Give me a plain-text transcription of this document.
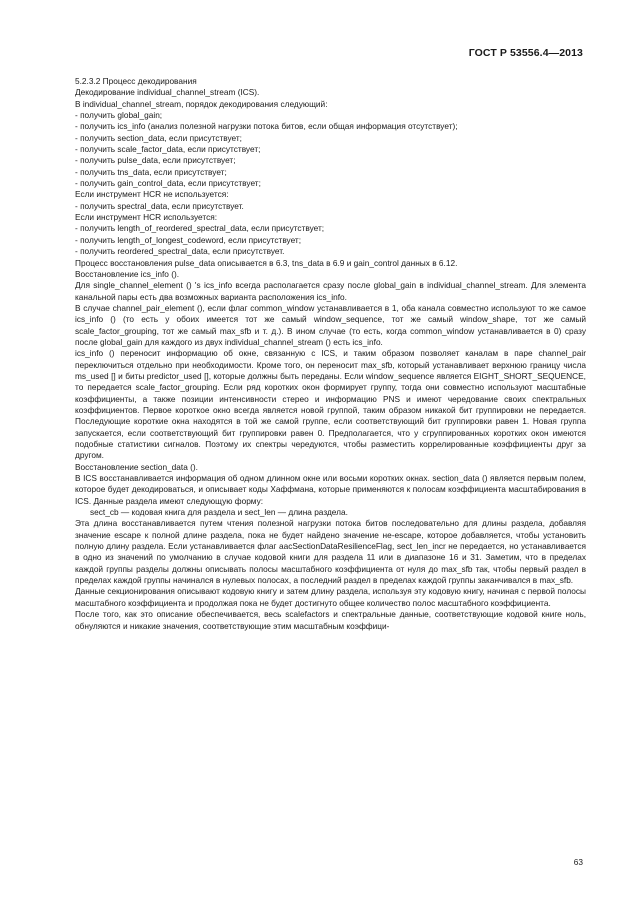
ГОСТ Р 53556.4—2013

5.2.3.2 Процесс декодирования

Декодирование individual_channel_stream (ICS).

В individual_channel_stream, порядок декодирования следующий:

- получить global_gain;

- получить ics_info (анализ полезной нагрузки потока битов, если общая информация отсутствует);

- получить section_data, если присутствует;

- получить scale_factor_data, если присутствует;

- получить pulse_data, если присутствует;

- получить tns_data, если присутствует;

- получить gain_control_data, если присутствует;

Если инструмент HCR не используется:

- получить spectral_data, если присутствует.

Если инструмент HCR используется:

- получить length_of_reordered_spectral_data, если присутствует;

- получить length_of_longest_codeword, если присутствует;

- получить reordered_spectral_data, если присутствует.

Процесс восстановления pulse_data описывается в 6.3, tns_data в 6.9 и gain_control данных в 6.12.

Восстановление ics_info ().

Для single_channel_element () 's ics_info всегда располагается сразу после global_gain в individual_channel_stream. Для элемента канальной пары есть два возможных варианта расположения ics_info.

В случае channel_pair_element (), если флаг common_window устанавливается в 1, оба канала совместно используют то же самое ics_info () (то есть у обоих имеется тот же самый window_sequence, тот же самый window_shape, тот же самый scale_factor_grouping, тот же самый max_sfb и т. д.). В ином случае (то есть, когда common_window устанавливается в 0) сразу после global_gain для каждого из двух individual_channel_stream () есть ics_info.

ics_info () переносит информацию об окне, связанную с ICS, и таким образом позволяет каналам в паре channel_pair переключиться отдельно при необходимости. Кроме того, он переносит max_sfb, который устанавливает верхнюю границу числа ms_used [] и биты predictor_used [], которые должны быть переданы. Если window_sequence является EIGHT_SHORT_SEQUENCE, то передается scale_factor_grouping. Если ряд коротких окон формирует группу, тогда они совместно используют масштабные коэффициенты, а также позиции интенсивности стерео и информацию PNS и имеют чередование своих спектральных коэффициентов. Первое короткое окно всегда является новой группой, таким образом никакой бит группировки не передается. Последующие короткие окна находятся в той же самой группе, если соответствующий бит группировки равен 1. Новая группа запускается, если соответствующий бит группировки равен 0. Предполагается, что у сгруппированных коротких окон имеются подобные статистики сигналов. Поэтому их спектры чередуются, чтобы разместить коррелированные коэффициенты друг за другом.

Восстановление section_data ().

В ICS восстанавливается информация об одном длинном окне или восьми коротких окнах. section_data () является первым полем, которое будет декодироваться, и описывает коды Хаффмана, которые применяются к полосам коэффициента масштабирования в ICS. Данные раздела имеют следующую форму:

sect_cb — кодовая книга для раздела и sect_len — длина раздела.

Эта длина восстанавливается путем чтения полезной нагрузки потока битов последовательно для длины раздела, добавляя значение escape к полной длине раздела, пока не будет найдено значение не-escape, которое добавляется, чтобы установить полную длину раздела. Если устанавливается флаг aacSectionDataResilienceFlag, sect_len_incr не передается, но устанавливается в одно из значений по умолчанию в случае кодовой книги для раздела 11 или в диапазоне 16 и 31. Заметим, что в пределах каждой группы разделы должны описывать полосы масштабного коэффициента от нуля до max_sfb так, чтобы первый раздел в пределах каждой группы начинался в нулевых полосах, а последний раздел в пределах каждой группы заканчивался в max_sfb.

Данные секционирования описывают кодовую книгу и затем длину раздела, используя эту кодовую книгу, начиная с первой полосы масштабного коэффициента и продолжая пока не будет достигнуто общее количество полос масштабного коэффициента.

После того, как это описание обеспечивается, весь scalefactors и спектральные данные, соответствующие кодовой книге ноль, обнуляются и никакие значения, соответствующие этим масштабным коэффици-

63
